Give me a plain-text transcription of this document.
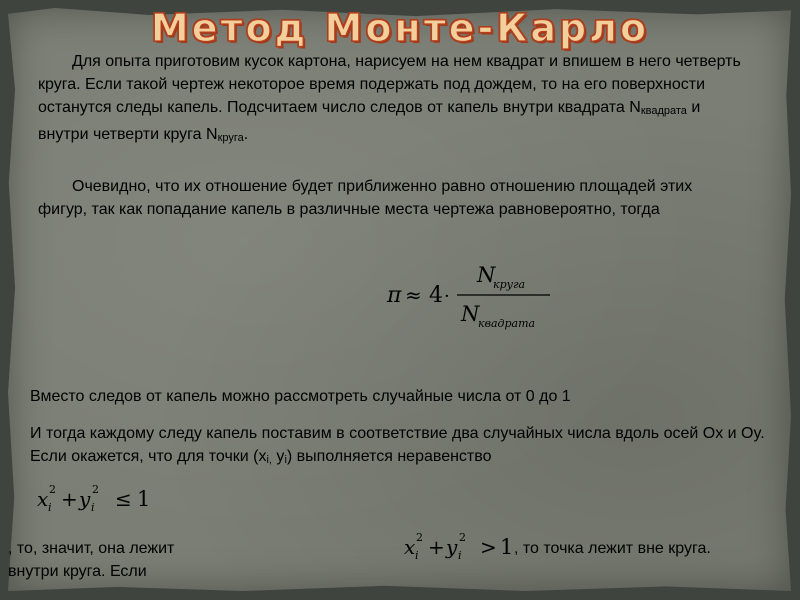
Метод Монте-Карло
Для опыта приготовим кусок картона, нарисуем на нем квадрат и впишем в него четверть круга. Если такой чертеж некоторое время подержать под дождем, то на его поверхности останутся следы капель. Подсчитаем число следов от капель внутри квадрата Nквадрата и внутри четверти круга Nкруга.
Очевидно, что их отношение будет приближенно равно отношению площадей этих фигур, так как попадание капель в различные места чертежа равновероятно, тогда
π ≈ 4 ·
N
круга
N
квадрата
Вместо следов от капель можно рассмотреть случайные числа от 0 до 1
И тогда каждому следу капель поставим в соответствие два случайных числа вдоль осей Ox и Oy. Если окажется, что для точки (xi, yi) выполняется неравенство
x i
2 + y i
2 ≤ 1
, то, значит, она лежит внутри круга. Если
x i
2 + y i
2 > 1 , то точка лежит вне круга.
